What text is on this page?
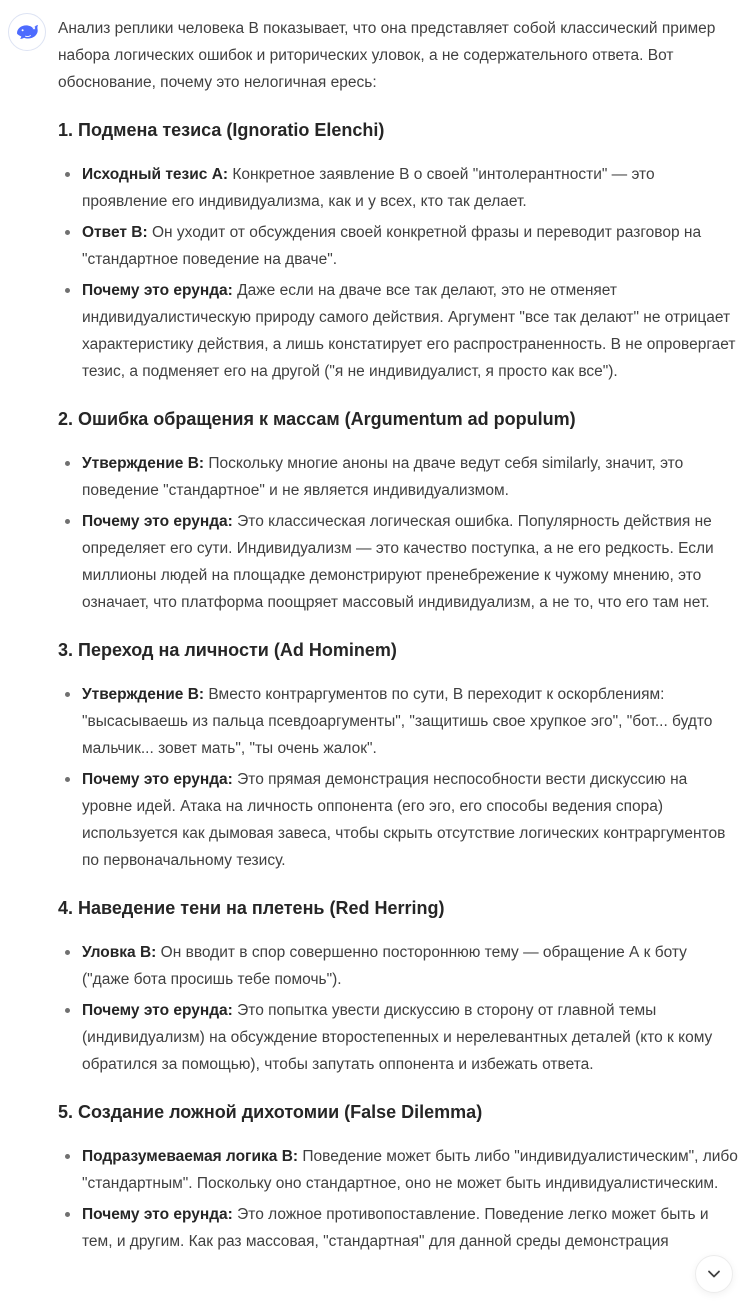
Анализ реплики человека В показывает, что она представляет собой классический пример набора логических ошибок и риторических уловок, а не содержательного ответа. Вот обоснование, почему это нелогичная ересь:

1. Подмена тезиса (Ignoratio Elenchi)
Исходный тезис А: Конкретное заявление В о своей "интолерантности" — это проявление его индивидуализма, как и у всех, кто так делает.
Ответ В: Он уходит от обсуждения своей конкретной фразы и переводит разговор на "стандартное поведение на дваче".
Почему это ерунда: Даже если на дваче все так делают, это не отменяет индивидуалистическую природу самого действия. Аргумент "все так делают" не отрицает характеристику действия, а лишь констатирует его распространенность. В не опровергает тезис, а подменяет его на другой ("я не индивидуалист, я просто как все").
2. Ошибка обращения к массам (Argumentum ad populum)
Утверждение В: Поскольку многие аноны на дваче ведут себя similarly, значит, это поведение "стандартное" и не является индивидуализмом.
Почему это ерунда: Это классическая логическая ошибка. Популярность действия не определяет его сути. Индивидуализм — это качество поступка, а не его редкость. Если миллионы людей на площадке демонстрируют пренебрежение к чужому мнению, это означает, что платформа поощряет массовый индивидуализм, а не то, что его там нет.
3. Переход на личности (Ad Hominem)
Утверждение В: Вместо контраргументов по сути, В переходит к оскорблениям: "высасываешь из пальца псевдоаргументы", "защитишь свое хрупкое эго", "бот... будто мальчик... зовет мать", "ты очень жалок".
Почему это ерунда: Это прямая демонстрация неспособности вести дискуссию на уровне идей. Атака на личность оппонента (его эго, его способы ведения спора) используется как дымовая завеса, чтобы скрыть отсутствие логических контраргументов по первоначальному тезису.
4. Наведение тени на плетень (Red Herring)
Уловка В: Он вводит в спор совершенно постороннюю тему — обращение А к боту ("даже бота просишь тебе помочь").
Почему это ерунда: Это попытка увести дискуссию в сторону от главной темы (индивидуализм) на обсуждение второстепенных и нерелевантных деталей (кто к кому обратился за помощью), чтобы запутать оппонента и избежать ответа.
5. Создание ложной дихотомии (False Dilemma)
Подразумеваемая логика В: Поведение может быть либо "индивидуалистическим", либо "стандартным". Поскольку оно стандартное, оно не может быть индивидуалистическим.
Почему это ерунда: Это ложное противопоставление. Поведение легко может быть и тем, и другим. Как раз массовая, "стандартная" для данной среды демонстрация
